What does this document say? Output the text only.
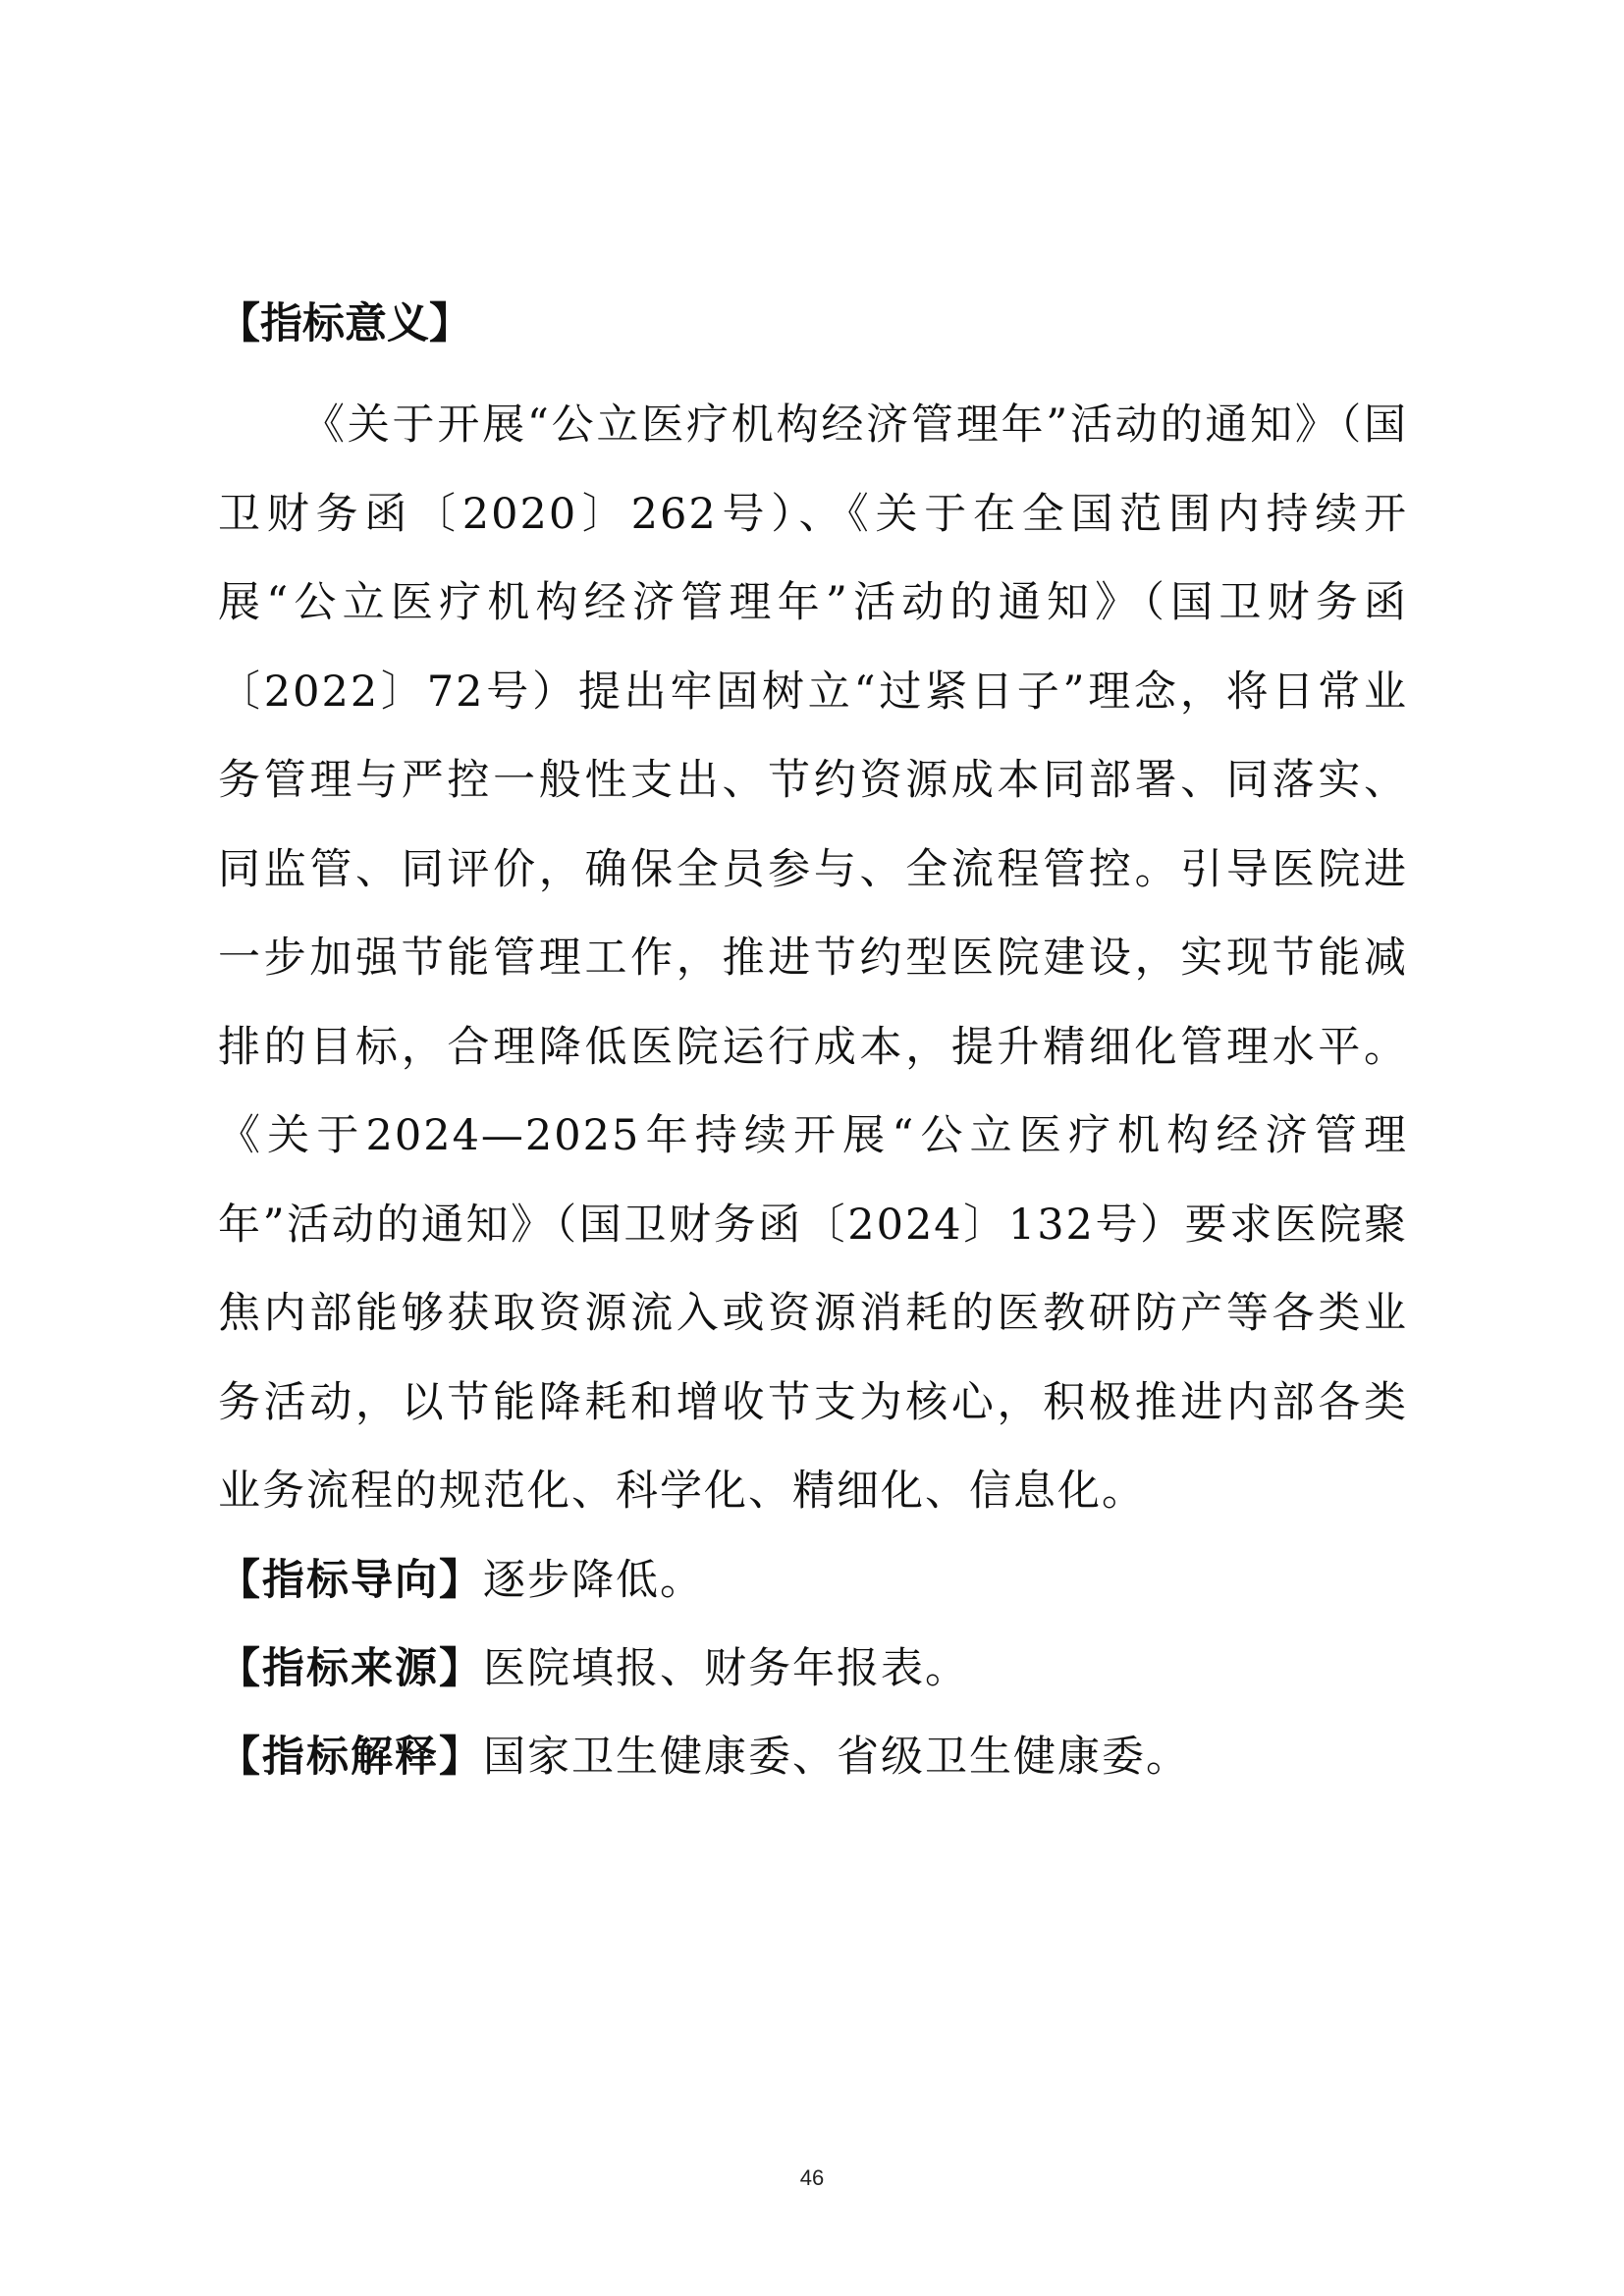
【指标意义】

《关于开展“公立医疗机构经济管理年”活动的通知》（国卫财务函〔2020〕262号）、《关于在全国范围内持续开展“公立医疗机构经济管理年”活动的通知》（国卫财务函〔2022〕72号）提出牢固树立“过紧日子”理念，将日常业务管理与严控一般性支出、节约资源成本同部署、同落实、同监管、同评价，确保全员参与、全流程管控。引导医院进一步加强节能管理工作，推进节约型医院建设，实现节能减排的目标，合理降低医院运行成本，提升精细化管理水平。《关于2024—2025年持续开展“公立医疗机构经济管理年”活动的通知》（国卫财务函〔2024〕132号）要求医院聚焦内部能够获取资源流入或资源消耗的医教研防产等各类业务活动，以节能降耗和增收节支为核心，积极推进内部各类业务流程的规范化、科学化、精细化、信息化。

【指标导向】逐步降低。

【指标来源】医院填报、财务年报表。

【指标解释】国家卫生健康委、省级卫生健康委。

46
